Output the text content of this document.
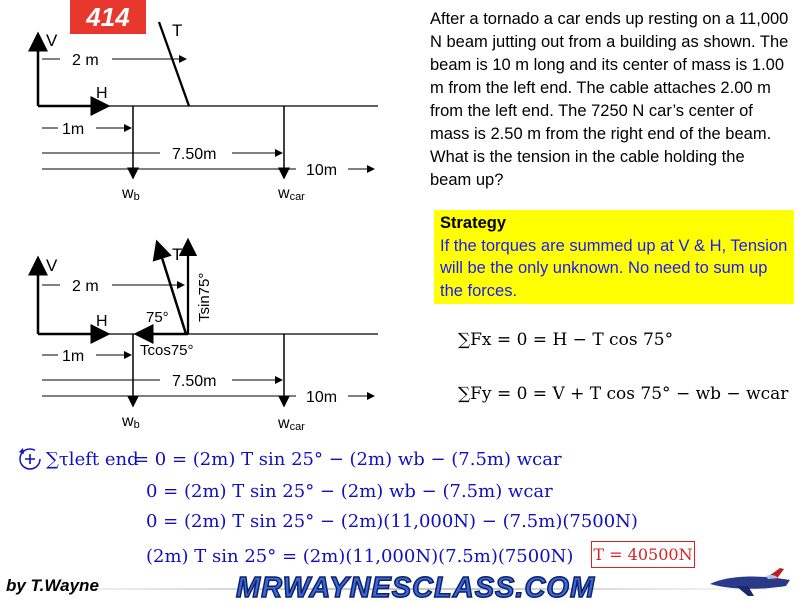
414
V
T
H
2 m
1m
7.50m
10m
wb	wcar
V
T
H	Tsin75°
Tcos75°
75°
2 m
1m
7.50m
10m
wb	wcar
After a tornado a car ends up resting on a 11,000 N beam jutting out from a building as shown. The beam is 10 m long and its center of mass is 1.00 m from the left end. The cable attaches 2.00 m from the left end. The 7250 N car’s center of mass is 2.50 m from the right end of the beam. What is the tension in the cable holding the beam up?
Strategy
If the torques are summed up at V & H, Tension will be the only unknown. No need to sum up the forces.
∑Fx = 0 = H − T cos 75°
∑Fy = 0 = V + T cos 75° − wb − wcar
∑τleft end
= 0 = (2m) T sin 25° − (2m) wb − (7.5m) wcar
0 = (2m) T sin 25° − (2m) wb − (7.5m) wcar
0 = (2m) T sin 25° − (2m)(11,000N) − (7.5m)(7500N)
(2m) T sin 25° = (2m)(11,000N)(7.5m)(7500N) T = 40500N
by T.Wayne	MRWAYNESCLASS.COM
